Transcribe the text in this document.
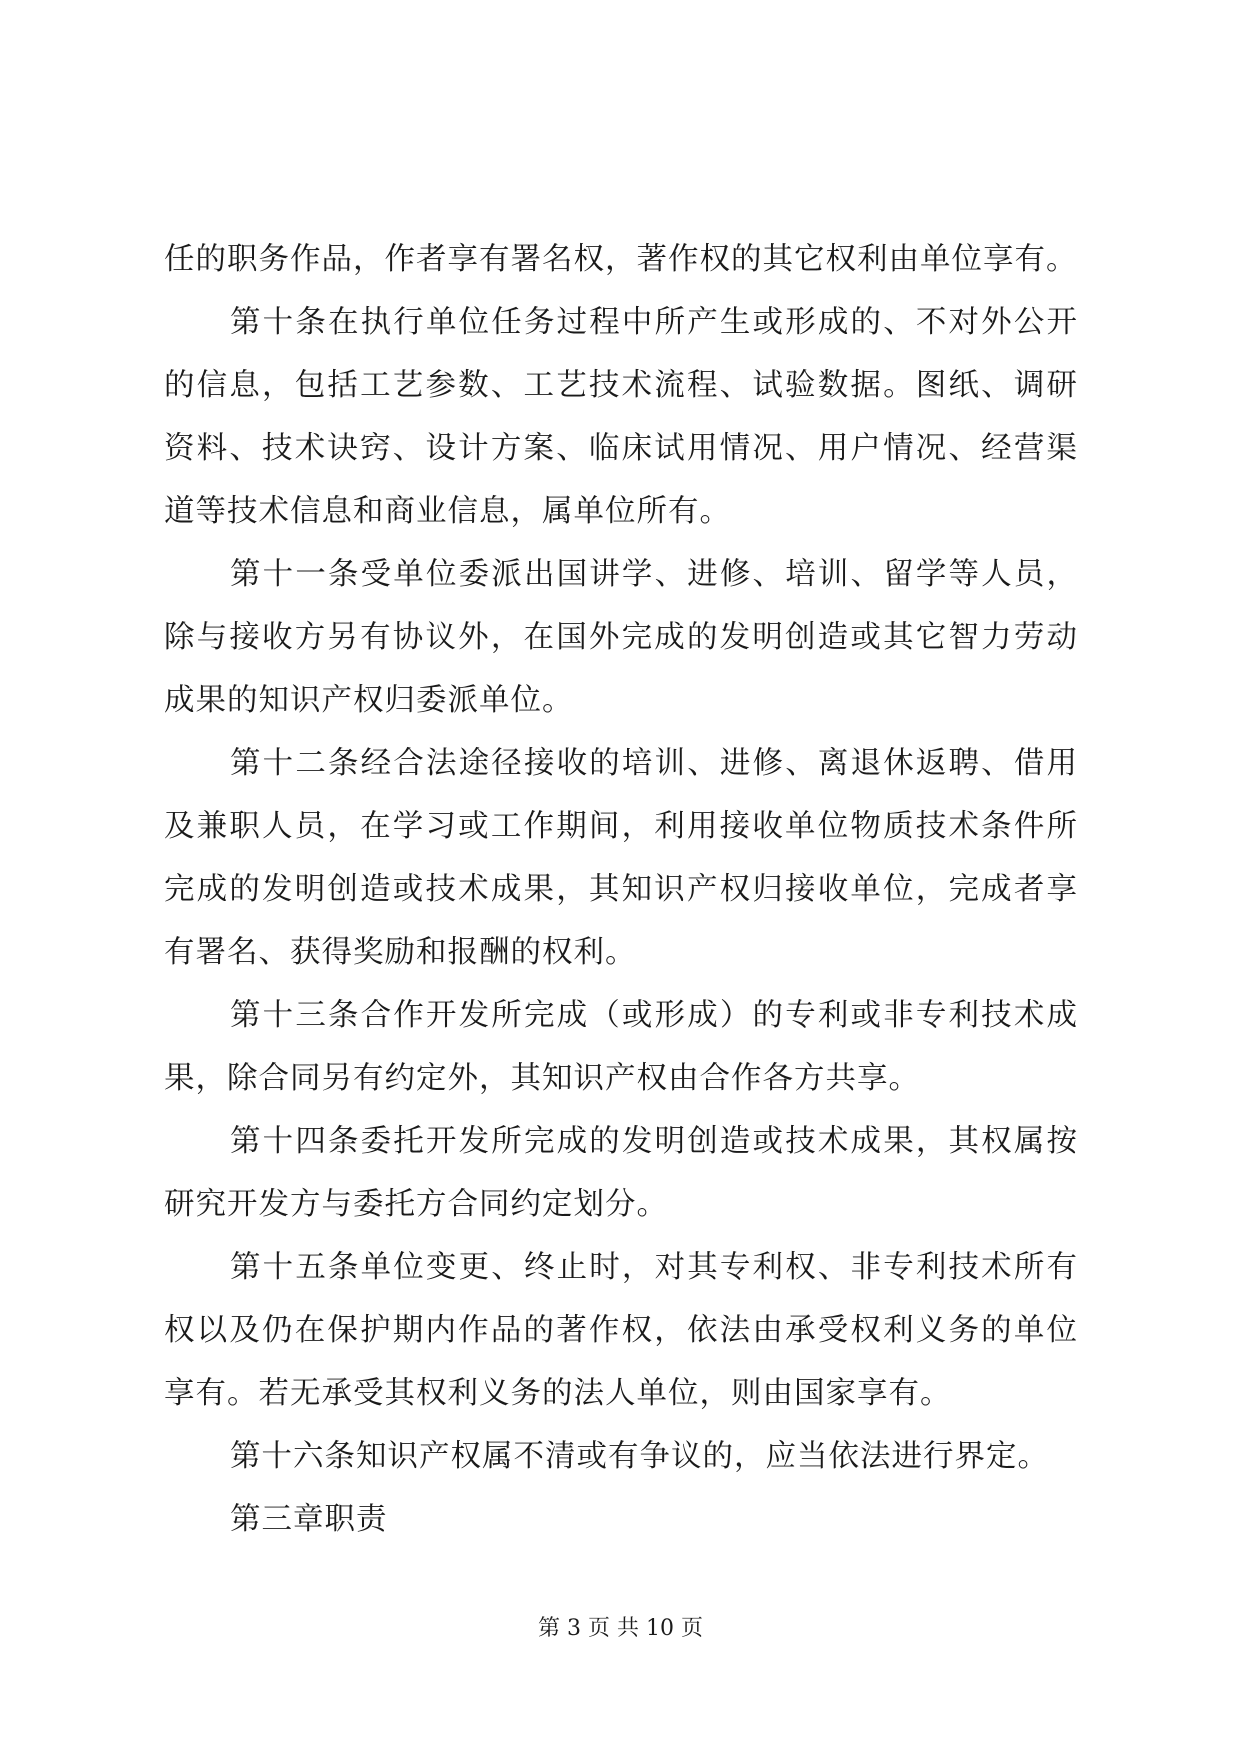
任的职务作品，作者享有署名权，著作权的其它权利由单位享有。
第十条在执行单位任务过程中所产生或形成的、不对外公开
的信息，包括工艺参数、工艺技术流程、试验数据。图纸、调研
资料、技术诀窍、设计方案、临床试用情况、用户情况、经营渠
道等技术信息和商业信息，属单位所有。
第十一条受单位委派出国讲学、进修、培训、留学等人员，
除与接收方另有协议外，在国外完成的发明创造或其它智力劳动
成果的知识产权归委派单位。
第十二条经合法途径接收的培训、进修、离退休返聘、借用
及兼职人员，在学习或工作期间，利用接收单位物质技术条件所
完成的发明创造或技术成果，其知识产权归接收单位，完成者享
有署名、获得奖励和报酬的权利。
第十三条合作开发所完成（或形成）的专利或非专利技术成
果，除合同另有约定外，其知识产权由合作各方共享。
第十四条委托开发所完成的发明创造或技术成果，其权属按
研究开发方与委托方合同约定划分。
第十五条单位变更、终止时，对其专利权、非专利技术所有
权以及仍在保护期内作品的著作权，依法由承受权利义务的单位
享有。若无承受其权利义务的法人单位，则由国家享有。
第十六条知识产权属不清或有争议的，应当依法进行界定。
第三章职责
第 3 页 共 10 页
